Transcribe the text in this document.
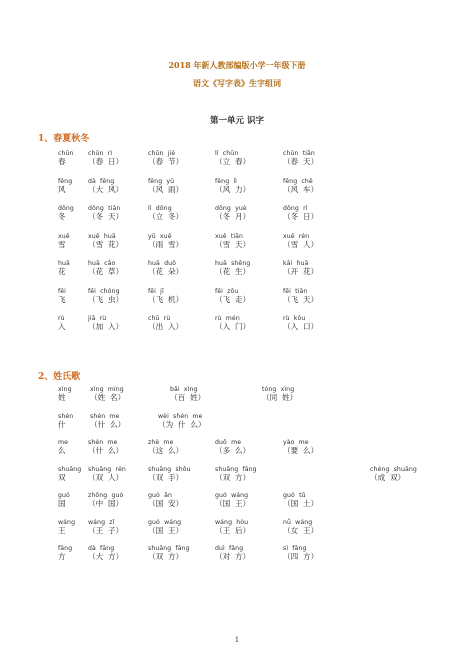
2018 年新人教部编版小学一年级下册
语文《写字表》生字组词
第一单元 识字
1、春夏秋冬
chūn
春
chūn  rì
（春  日）
chūn  jié
（春  节）
lì  chūn
（立  春）
chūn  tiān
（春  天）
fēng
风
dà  fēng
（大  风）
fēng  yǔ
（风  雨）
fēng  lì
（风  力）
fēng  chē
（风  车）
dōng
冬
dōng  tiān
（冬  天）
lì  dōng
（立  冬）
dōng  yuè
（冬  月）
dōng  rì
（冬  日）
xuě
雪
xuě  huā
（雪  花）
yǔ  xuě
（雨  雪）
xuě  tiān
（雪  天）
xuě  rén
（雪  人）
huā
花
huā  cǎo
（花  草）
huā  duǒ
（花  朵）
huā  shēng
（花  生）
kāi  huā
（开  花）
fēi
飞
fēi  chóng
（飞  虫）
fēi  jī
（飞  机）
fēi  zǒu
（飞  走）
fēi  tiān
（飞  天）
rù
入
jiā  rù
（加  入）
chū  rù
（出  入）
rù  mén
（入  门）
rù  kǒu
（入  口）
2、姓氏歌
xìng
姓
xìng  míng
（姓  名）
bǎi  xìng
（百  姓）
tóng  xìng
（同  姓）
shén
什
shén  me
（什  么）
wèi  shén  me
（为  什  么）
me
么
shén  me
（什  么）
zhè  me
（这  么）
duō  me
（多  么）
yào  me
（要  么）
shuāng
双
shuāng  rén
（双  人）
shuāng  shǒu
（双  手）
shuāng  fāng
（双  方）
chéng  shuāng
（成  双）
guó
国
zhōng  guó
（中  国）
guó  ān
（国  安）
guó  wáng
（国  王）
guó  tǔ
（国  土）
wáng
王
wáng  zǐ
（王  子）
guó  wáng
（国  王）
wáng  hòu
（王  后）
nǚ  wáng
（女  王）
fāng
方
dà  fāng
（大  方）
shuāng  fāng
（双  方）
duì  fāng
（对  方）
sì  fāng
（四  方）
1
